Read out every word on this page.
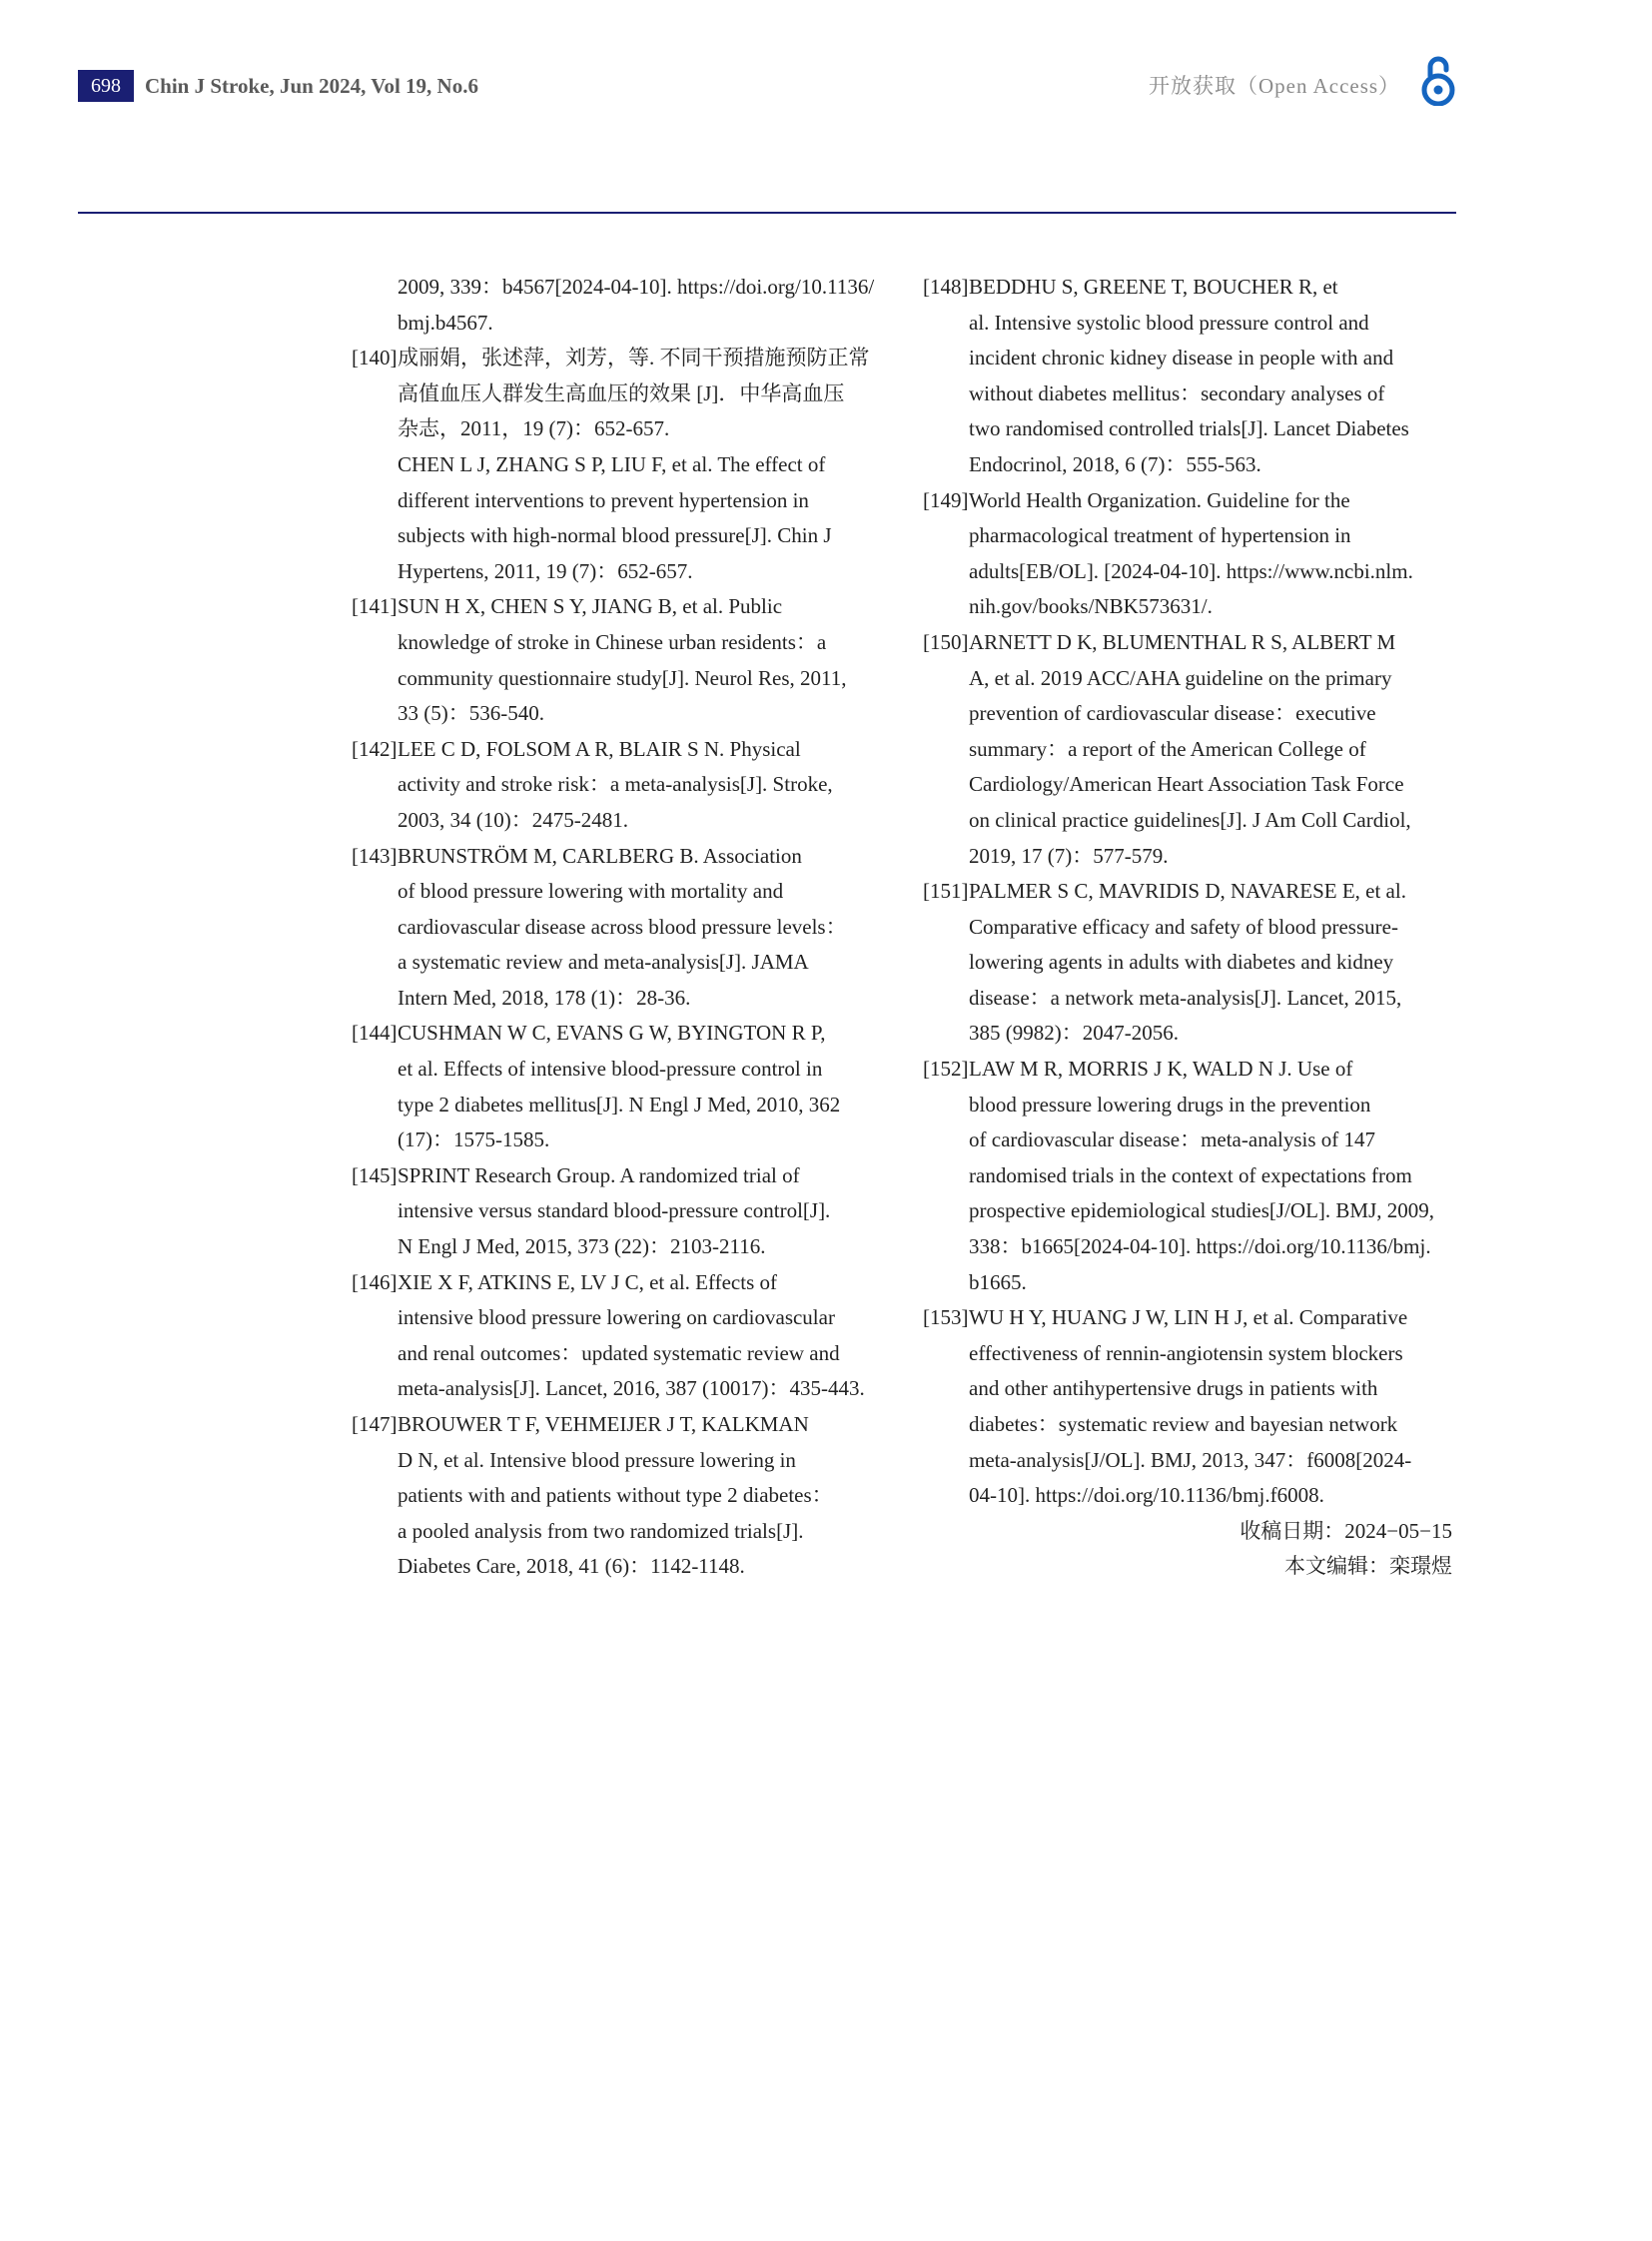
698	Chin J Stroke, Jun 2024, Vol 19, No.6	开放获取（Open Access）
2009, 339：b4567[2024-04-10]. https://doi.org/10.1136/
bmj.b4567.
[140] 成丽娟，张述萍，刘芳，等. 不同干预措施预防正常
高值血压人群发生高血压的效果 [J]．中华高血压
杂志，2011，19 (7)：652-657.
CHEN L J, ZHANG S P, LIU F, et al. The effect of
different interventions to prevent hypertension in
subjects with high-normal blood pressure[J]. Chin J
Hypertens, 2011, 19 (7)：652-657.
[141] SUN H X, CHEN S Y, JIANG B, et al. Public
knowledge of stroke in Chinese urban residents：a
community questionnaire study[J]. Neurol Res, 2011,
33 (5)：536-540.
[142] LEE C D, FOLSOM A R, BLAIR S N. Physical
activity and stroke risk：a meta-analysis[J]. Stroke,
2003, 34 (10)：2475-2481.
[143] BRUNSTRÖM M, CARLBERG B. Association
of blood pressure lowering with mortality and
cardiovascular disease across blood pressure levels：
a systematic review and meta-analysis[J]. JAMA
Intern Med, 2018, 178 (1)：28-36.
[144] CUSHMAN W C, EVANS G W, BYINGTON R P,
et al. Effects of intensive blood-pressure control in
type 2 diabetes mellitus[J]. N Engl J Med, 2010, 362
(17)：1575-1585.
[145] SPRINT Research Group. A randomized trial of
intensive versus standard blood-pressure control[J].
N Engl J Med, 2015, 373 (22)：2103-2116.
[146] XIE X F, ATKINS E, LV J C, et al. Effects of
intensive blood pressure lowering on cardiovascular
and renal outcomes：updated systematic review and
meta-analysis[J]. Lancet, 2016, 387 (10017)：435-443.
[147] BROUWER T F, VEHMEIJER J T, KALKMAN
D N, et al. Intensive blood pressure lowering in
patients with and patients without type 2 diabetes：
a pooled analysis from two randomized trials[J].
Diabetes Care, 2018, 41 (6)：1142-1148.
[148] BEDDHU S, GREENE T, BOUCHER R, et
al. Intensive systolic blood pressure control and
incident chronic kidney disease in people with and
without diabetes mellitus：secondary analyses of
two randomised controlled trials[J]. Lancet Diabetes
Endocrinol, 2018, 6 (7)：555-563.
[149] World Health Organization. Guideline for the
pharmacological treatment of hypertension in
adults[EB/OL]. [2024-04-10]. https://www.ncbi.nlm.
nih.gov/books/NBK573631/.
[150] ARNETT D K, BLUMENTHAL R S, ALBERT M
A, et al. 2019 ACC/AHA guideline on the primary
prevention of cardiovascular disease：executive
summary：a report of the American College of
Cardiology/American Heart Association Task Force
on clinical practice guidelines[J]. J Am Coll Cardiol,
2019, 17 (7)：577-579.
[151] PALMER S C, MAVRIDIS D, NAVARESE E, et al.
Comparative efficacy and safety of blood pressure-
lowering agents in adults with diabetes and kidney
disease：a network meta-analysis[J]. Lancet, 2015,
385 (9982)：2047-2056.
[152] LAW M R, MORRIS J K, WALD N J. Use of
blood pressure lowering drugs in the prevention
of cardiovascular disease：meta-analysis of 147
randomised trials in the context of expectations from
prospective epidemiological studies[J/OL]. BMJ, 2009,
338：b1665[2024-04-10]. https://doi.org/10.1136/bmj.
b1665.
[153] WU H Y, HUANG J W, LIN H J, et al. Comparative
effectiveness of rennin-angiotensin system blockers
and other antihypertensive drugs in patients with
diabetes：systematic review and bayesian network
meta-analysis[J/OL]. BMJ, 2013, 347：f6008[2024-
04-10]. https://doi.org/10.1136/bmj.f6008.
收稿日期：2024−05−15
本文编辑：栾璟煜
